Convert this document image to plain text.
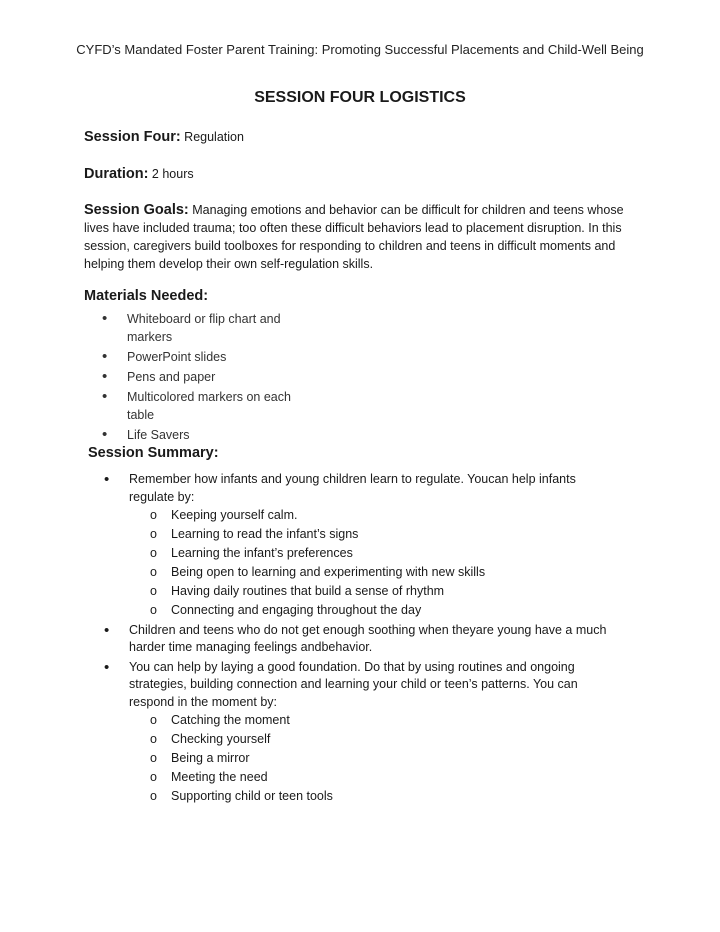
CYFD’s Mandated Foster Parent Training: Promoting Successful Placements and Child-Well Being
SESSION FOUR LOGISTICS
Session Four: Regulation
Duration: 2 hours
Session Goals: Managing emotions and behavior can be difficult for children and teens whose lives have included trauma; too often these difficult behaviors lead to placement disruption. In this session, caregivers build toolboxes for responding to children and teens in difficult moments and helping them develop their own self-regulation skills.
Materials Needed:
• Whiteboard or flip chart and markers
• PowerPoint slides
• Pens and paper
• Multicolored markers on each table
• Life Savers
Session Summary:
• Remember how infants and young children learn to regulate. Youcan help infants regulate by:
o Keeping yourself calm.
o Learning to read the infant’s signs
o Learning the infant’s preferences
o Being open to learning and experimenting with new skills
o Having daily routines that build a sense of rhythm
o Connecting and engaging throughout the day
• Children and teens who do not get enough soothing when theyare young have a much harder time managing feelings andbehavior.
• You can help by laying a good foundation. Do that by using routines and ongoing strategies, building connection and learning your child or teen’s patterns. You can respond in the moment by:
o Catching the moment
o Checking yourself
o Being a mirror
o Meeting the need
o Supporting child or teen tools
